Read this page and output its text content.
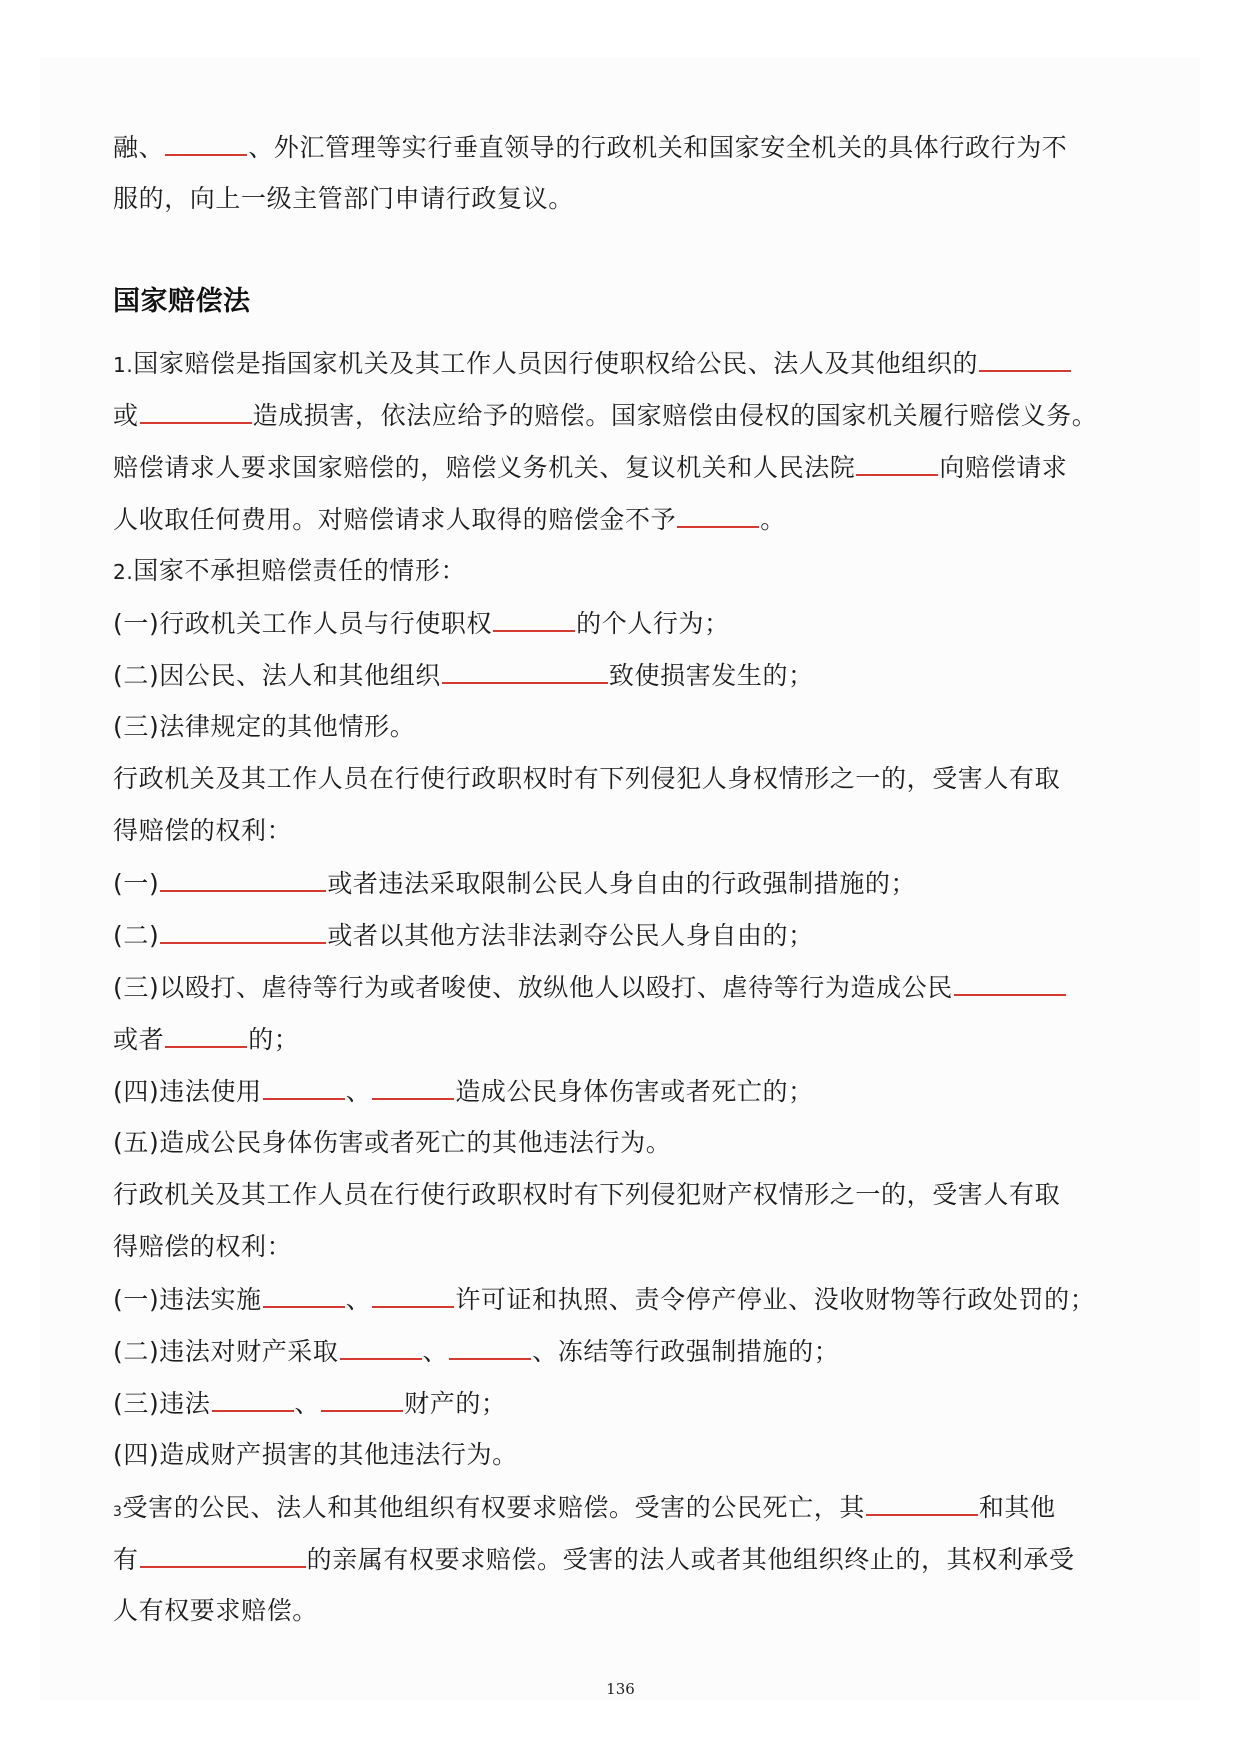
融、	、外汇管理等实行垂直领导的行政机关和国家安全机关的具体行政行为不
服的，向上一级主管部门申请行政复议。
国家赔偿法
1.国家赔偿是指国家机关及其工作人员因行使职权给公民、法人及其他组织的
或	造成损害，依法应给予的赔偿。国家赔偿由侵权的国家机关履行赔偿义务。
赔偿请求人要求国家赔偿的，赔偿义务机关、复议机关和人民法院	向赔偿请求
人收取任何费用。对赔偿请求人取得的赔偿金不予	。
2.国家不承担赔偿责任的情形：
(一)行政机关工作人员与行使职权	的个人行为；
(二)因公民、法人和其他组织	致使损害发生的；
(三)法律规定的其他情形。
行政机关及其工作人员在行使行政职权时有下列侵犯人身权情形之一的，受害人有取
得赔偿的权利：
(一)	或者违法采取限制公民人身自由的行政强制措施的；
(二)	或者以其他方法非法剥夺公民人身自由的；
(三)以殴打、虐待等行为或者唆使、放纵他人以殴打、虐待等行为造成公民
或者	的；
(四)违法使用	、	造成公民身体伤害或者死亡的；
(五)造成公民身体伤害或者死亡的其他违法行为。
行政机关及其工作人员在行使行政职权时有下列侵犯财产权情形之一的，受害人有取
得赔偿的权利：
(一)违法实施	、	许可证和执照、责令停产停业、没收财物等行政处罚的；
(二)违法对财产采取	、	、冻结等行政强制措施的；
(三)违法	、	财产的；
(四)造成财产损害的其他违法行为。
3受害的公民、法人和其他组织有权要求赔偿。受害的公民死亡，其	和其他
有	的亲属有权要求赔偿。受害的法人或者其他组织终止的，其权利承受
人有权要求赔偿。
136
